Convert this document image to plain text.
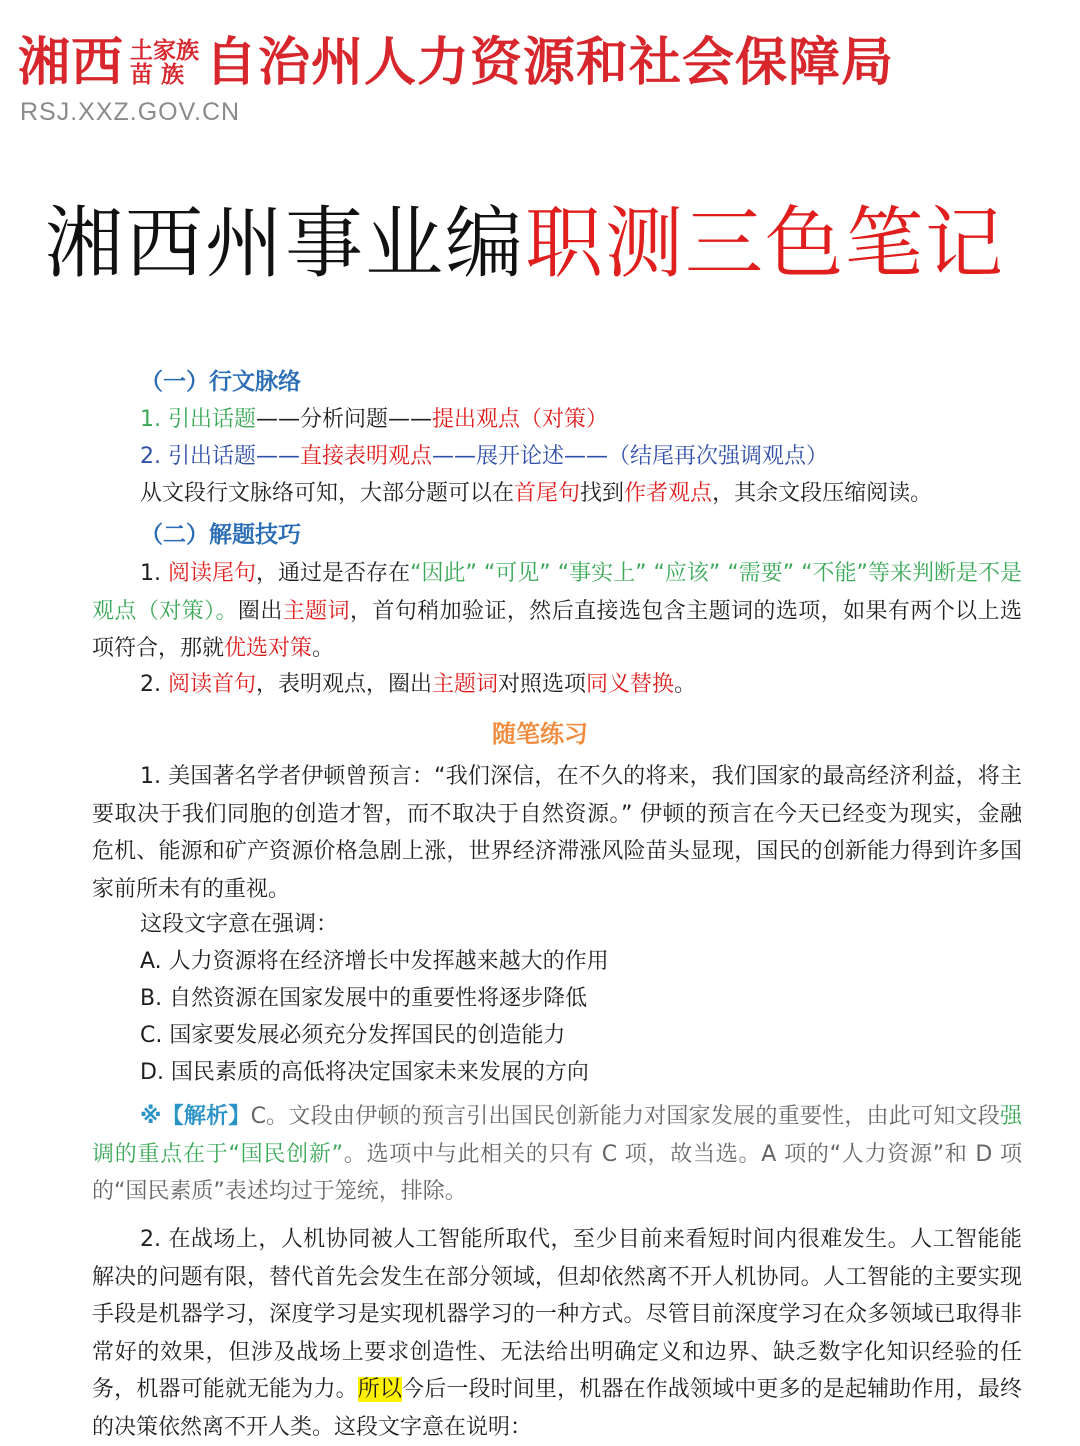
湘西 土家族
苗 族 自治州人力资源和社会保障局
RSJ.XXZ.GOV.CN
湘西州事业编职测三色笔记
（一）行文脉络
1. 引出话题——分析问题——提出观点（对策）
2. 引出话题——直接表明观点——展开论述——（结尾再次强调观点）
从文段行文脉络可知，大部分题可以在首尾句找到作者观点，其余文段压缩阅读。
（二）解题技巧
1. 阅读尾句，通过是否存在“因此” “可见” “事实上” “应该” “需要” “不能”等来判断是不是观点（对策）。圈出主题词，首句稍加验证，然后直接选包含主题词的选项，如果有两个以上选项符合，那就优选对策。
2. 阅读首句，表明观点，圈出主题词对照选项同义替换。
随笔练习
1. 美国著名学者伊顿曾预言：“我们深信，在不久的将来，我们国家的最高经济利益，将主要取决于我们同胞的创造才智，而不取决于自然资源。” 伊顿的预言在今天已经变为现实，金融危机、能源和矿产资源价格急剧上涨，世界经济滞涨风险苗头显现，国民的创新能力得到许多国家前所未有的重视。
这段文字意在强调：
A. 人力资源将在经济增长中发挥越来越大的作用
B. 自然资源在国家发展中的重要性将逐步降低
C. 国家要发展必须充分发挥国民的创造能力
D. 国民素质的高低将决定国家未来发展的方向
※【解析】C。文段由伊顿的预言引出国民创新能力对国家发展的重要性，由此可知文段强调的重点在于“国民创新”。选项中与此相关的只有 C 项，故当选。A 项的“人力资源”和 D 项的“国民素质”表述均过于笼统，排除。
2. 在战场上，人机协同被人工智能所取代，至少目前来看短时间内很难发生。人工智能能解决的问题有限，替代首先会发生在部分领域，但却依然离不开人机协同。人工智能的主要实现手段是机器学习，深度学习是实现机器学习的一种方式。尽管目前深度学习在众多领域已取得非常好的效果，但涉及战场上要求创造性、无法给出明确定义和边界、缺乏数字化知识经验的任务，机器可能就无能为力。所以今后一段时间里，机器在作战领域中更多的是起辅助作用，最终的决策依然离不开人类。这段文字意在说明：
